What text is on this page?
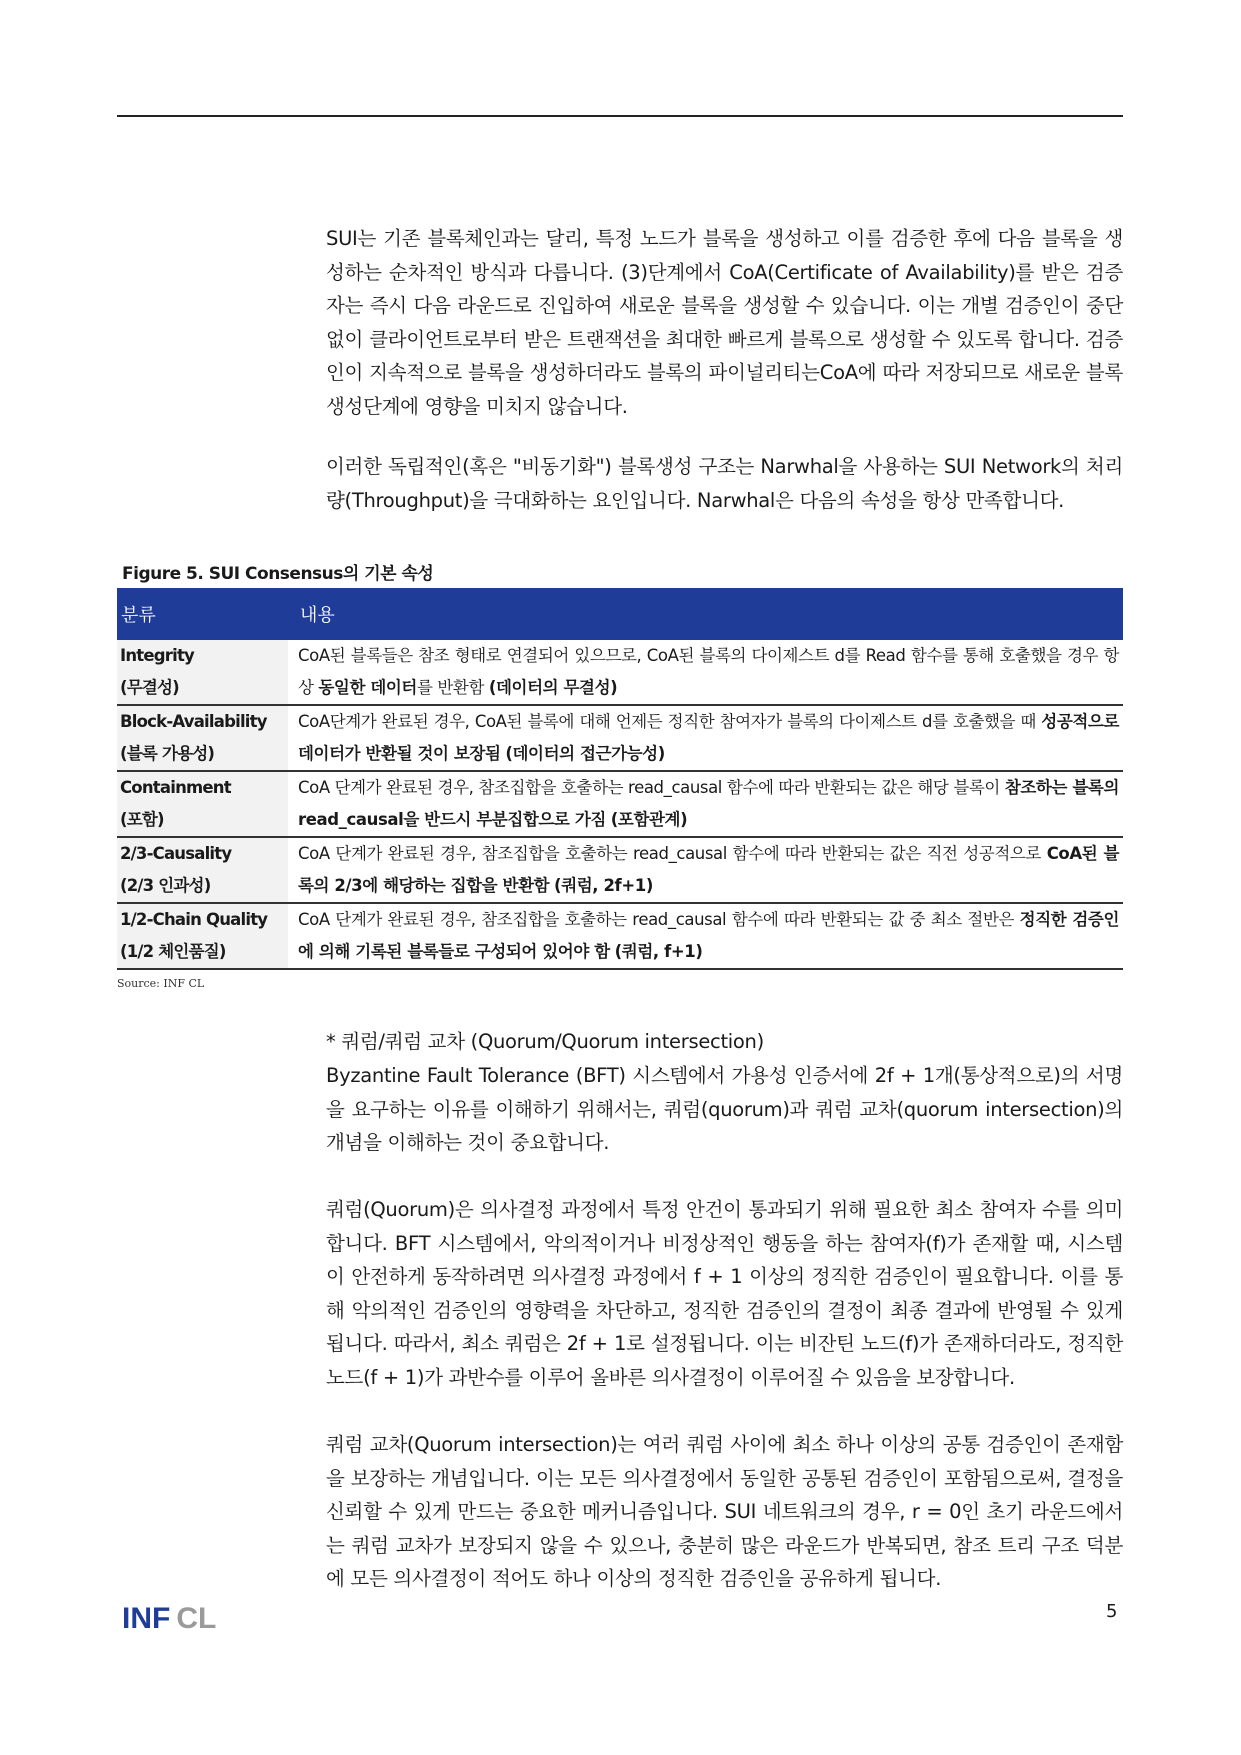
SUI는 기존 블록체인과는 달리, 특정 노드가 블록을 생성하고 이를 검증한 후에 다음 블록을 생성하는 순차적인 방식과 다릅니다. (3)단계에서 CoA(Certificate of Availability)를 받은 검증자는 즉시 다음 라운드로 진입하여 새로운 블록을 생성할 수 있습니다. 이는 개별 검증인이 중단없이 클라이언트로부터 받은 트랜잭션을 최대한 빠르게 블록으로 생성할 수 있도록 합니다. 검증인이 지속적으로 블록을 생성하더라도 블록의 파이널리티는CoA에 따라 저장되므로 새로운 블록 생성단계에 영향을 미치지 않습니다.

이러한 독립적인(혹은 "비동기화") 블록생성 구조는 Narwhal을 사용하는 SUI Network의 처리량(Throughput)을 극대화하는 요인입니다. Narwhal은 다음의 속성을 항상 만족합니다.

Figure 5. SUI Consensus의 기본 속성
분류	내용
Integrity
(무결성)	CoA된 블록들은 참조 형태로 연결되어 있으므로, CoA된 블록의 다이제스트 d를 Read 함수를 통해 호출했을 경우 항상 동일한 데이터를 반환함 (데이터의 무결성)
Block-Availability
(블록 가용성)	CoA단계가 완료된 경우, CoA된 블록에 대해 언제든 정직한 참여자가 블록의 다이제스트 d를 호출했을 때 성공적으로 데이터가 반환될 것이 보장됨 (데이터의 접근가능성)
Containment
(포함)	CoA 단계가 완료된 경우, 참조집합을 호출하는 read_causal 함수에 따라 반환되는 값은 해당 블록이 참조하는 블록의 read_causal을 반드시 부분집합으로 가짐 (포함관계)
2/3-Causality
(2/3 인과성)	CoA 단계가 완료된 경우, 참조집합을 호출하는 read_causal 함수에 따라 반환되는 값은 직전 성공적으로 CoA된 블록의 2/3에 해당하는 집합을 반환함 (쿼럼, 2f+1)
1/2-Chain Quality
(1/2 체인품질)	CoA 단계가 완료된 경우, 참조집합을 호출하는 read_causal 함수에 따라 반환되는 값 중 최소 절반은 정직한 검증인에 의해 기록된 블록들로 구성되어 있어야 함 (쿼럼, f+1)
Source: INF CL

* 쿼럼/쿼럼 교차 (Quorum/Quorum intersection)

Byzantine Fault Tolerance (BFT) 시스템에서 가용성 인증서에 2f + 1개(통상적으로)의 서명을 요구하는 이유를 이해하기 위해서는, 쿼럼(quorum)과 쿼럼 교차(quorum intersection)의 개념을 이해하는 것이 중요합니다.

쿼럼(Quorum)은 의사결정 과정에서 특정 안건이 통과되기 위해 필요한 최소 참여자 수를 의미합니다. BFT 시스템에서, 악의적이거나 비정상적인 행동을 하는 참여자(f)가 존재할 때, 시스템이 안전하게 동작하려면 의사결정 과정에서 f + 1 이상의 정직한 검증인이 필요합니다. 이를 통해 악의적인 검증인의 영향력을 차단하고, 정직한 검증인의 결정이 최종 결과에 반영될 수 있게 됩니다. 따라서, 최소 쿼럼은 2f + 1로 설정됩니다. 이는 비잔틴 노드(f)가 존재하더라도, 정직한 노드(f + 1)가 과반수를 이루어 올바른 의사결정이 이루어질 수 있음을 보장합니다.

쿼럼 교차(Quorum intersection)는 여러 쿼럼 사이에 최소 하나 이상의 공통 검증인이 존재함을 보장하는 개념입니다. 이는 모든 의사결정에서 동일한 공통된 검증인이 포함됨으로써, 결정을 신뢰할 수 있게 만드는 중요한 메커니즘입니다. SUI 네트워크의 경우, r = 0인 초기 라운드에서는 쿼럼 교차가 보장되지 않을 수 있으나, 충분히 많은 라운드가 반복되면, 참조 트리 구조 덕분에 모든 의사결정이 적어도 하나 이상의 정직한 검증인을 공유하게 됩니다.

INF CL	5
